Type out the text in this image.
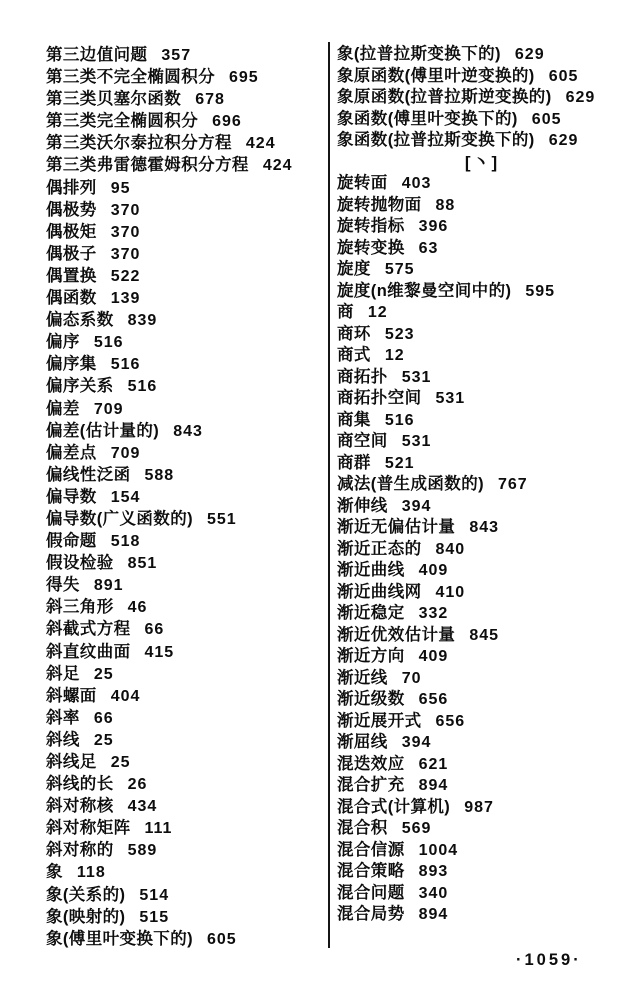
第三边值问题 357
第三类不完全椭圆积分 695
第三类贝塞尔函数 678
第三类完全椭圆积分 696
第三类沃尔泰拉积分方程 424
第三类弗雷德霍姆积分方程 424
偶排列 95
偶极势 370
偶极矩 370
偶极子 370
偶置换 522
偶函数 139
偏态系数 839
偏序 516
偏序集 516
偏序关系 516
偏差 709
偏差(估计量的) 843
偏差点 709
偏线性泛函 588
偏导数 154
偏导数(广义函数的) 551
假命题 518
假设检验 851
得失 891
斜三角形 46
斜截式方程 66
斜直纹曲面 415
斜足 25
斜螺面 404
斜率 66
斜线 25
斜线足 25
斜线的长 26
斜对称核 434
斜对称矩阵 111
斜对称的 589
象 118
象(关系的) 514
象(映射的) 515
象(傅里叶变换下的) 605
象(拉普拉斯变换下的) 629
象原函数(傅里叶逆变换的) 605
象原函数(拉普拉斯逆变换的) 629
象函数(傅里叶变换下的) 605
象函数(拉普拉斯变换下的) 629
[丶]
旋转面 403
旋转抛物面 88
旋转指标 396
旋转变换 63
旋度 575
旋度(n维黎曼空间中的) 595
商 12
商环 523
商式 12
商拓扑 531
商拓扑空间 531
商集 516
商空间 531
商群 521
减法(普生成函数的) 767
渐伸线 394
渐近无偏估计量 843
渐近正态的 840
渐近曲线 409
渐近曲线网 410
渐近稳定 332
渐近优效估计量 845
渐近方向 409
渐近线 70
渐近级数 656
渐近展开式 656
渐屈线 394
混迭效应 621
混合扩充 894
混合式(计算机) 987
混合积 569
混合信源 1004
混合策略 893
混合问题 340
混合局势 894
·1059·
